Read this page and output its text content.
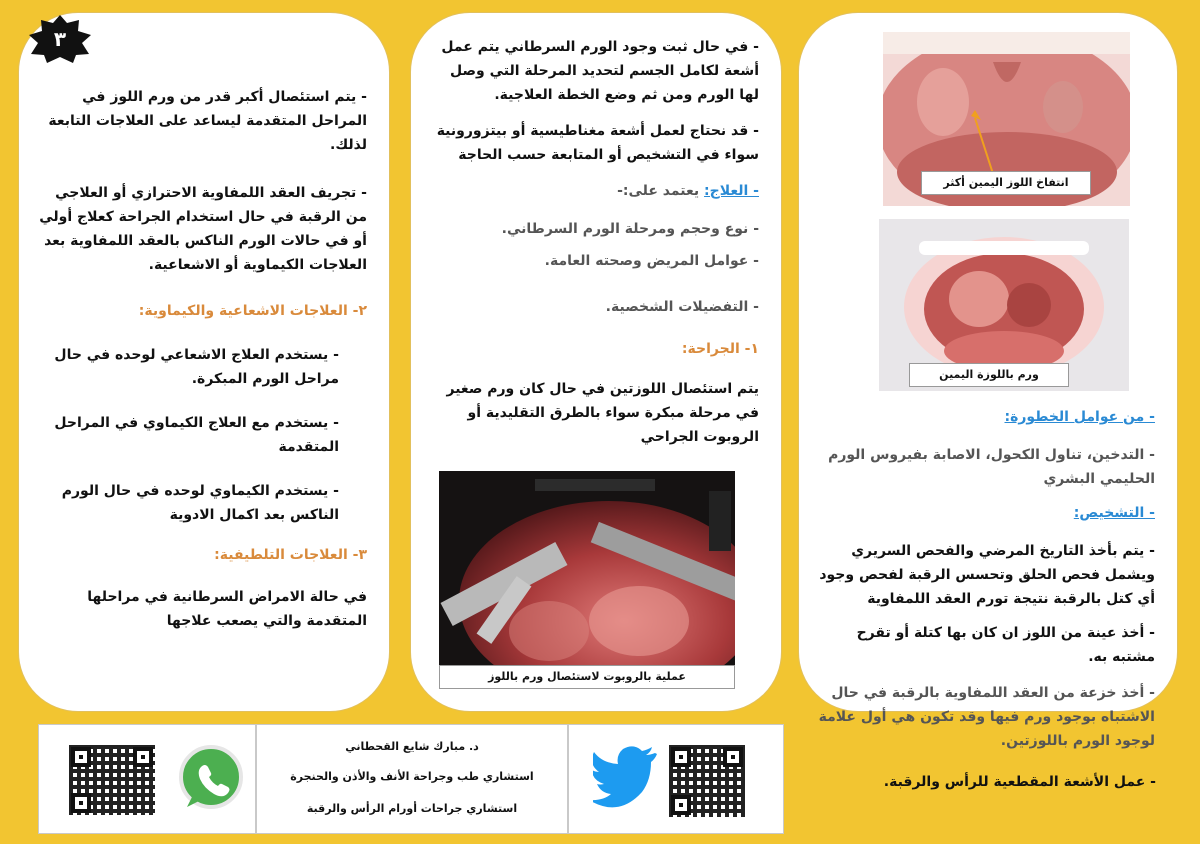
٣
- يتم استئصال أكبر قدر من ورم اللوز في المراحل المتقدمة ليساعد على العلاجات التابعة لذلك.
- تجريف العقد اللمفاوية الاحترازي أو العلاجي من الرقبة في حال استخدام الجراحة كعلاج أولي أو في حالات الورم الناكس بالعقد اللمفاوية بعد العلاجات الكيماوية أو الاشعاعية.
٢- العلاجات الاشعاعية والكيماوية:
- يستخدم العلاج الاشعاعي لوحده في حال مراحل الورم المبكرة.
- يستخدم مع العلاج الكيماوي في المراحل المتقدمة
- يستخدم الكيماوي لوحده في حال الورم الناكس بعد اكمال الادوية
٣- العلاجات التلطيفية:
في حالة الامراض السرطانية في مراحلها المتقدمة والتي يصعب علاجها
- في حال ثبت وجود الورم السرطاني يتم عمل أشعة لكامل الجسم لتحديد المرحلة التي وصل لها الورم ومن ثم وضع الخطة العلاجية.
- قد نحتاج لعمل أشعة مغناطيسية أو بيتزورونية سواء في التشخيص أو المتابعة حسب الحاجة
- العلاج: يعتمد على:-
- نوع وحجم ومرحلة الورم السرطاني.
- عوامل المريض وصحته العامة.
- التفضيلات الشخصية.
١- الجراحة:
يتم استئصال اللوزتين في حال كان ورم صغير في مرحلة مبكرة سواء بالطرق التقليدية أو الروبوت الجراحي
عملية بالروبوت لاستئصال ورم باللوز
انتفاخ اللوز اليمين أكثر
ورم باللوزة اليمين
- من عوامل الخطورة:
- التدخين، تناول الكحول، الاصابة بفيروس الورم الحليمي البشري
- التشخيص:
- يتم بأخذ التاريخ المرضي والفحص السريري ويشمل فحص الحلق وتحسس الرقبة لفحص وجود أي كتل بالرقبة نتيجة تورم العقد اللمفاوية
- أخذ عينة من اللوز ان كان بها كتلة أو تقرح مشتبه به.
- أخذ خزعة من العقد اللمفاوية بالرقبة في حال الاشتباه بوجود ورم فيها وقد تكون هي أول علامة لوجود الورم باللوزتين.
- عمل الأشعة المقطعية للرأس والرقبة.
د. مبارك شايع القحطاني
استشاري طب وجراحة الأنف والأذن والحنجرة
استشاري جراحات أورام الرأس والرقبة
